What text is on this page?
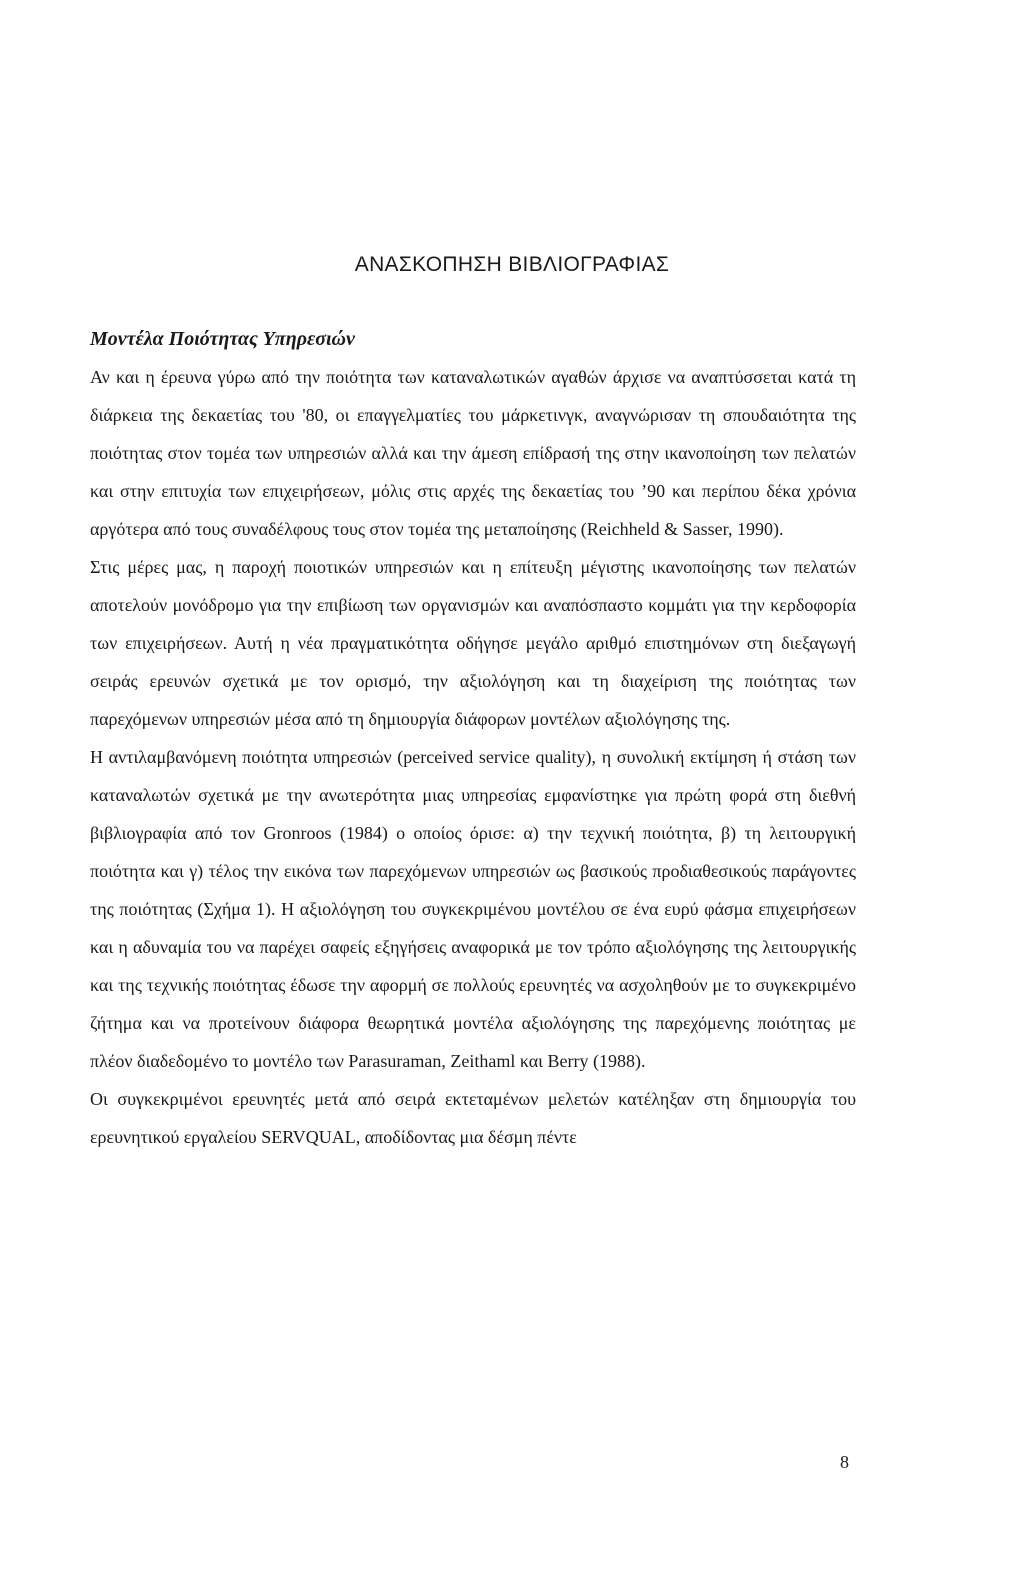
ΑΝΑΣΚΟΠΗΣΗ ΒΙΒΛΙΟΓΡΑΦΙΑΣ
Μοντέλα Ποιότητας Υπηρεσιών

Αν και η έρευνα γύρω από την ποιότητα των καταναλωτικών αγαθών άρχισε να αναπτύσσεται κατά τη διάρκεια της δεκαετίας του '80, οι επαγγελματίες του μάρκετινγκ, αναγνώρισαν τη σπουδαιότητα της ποιότητας στον τομέα των υπηρεσιών αλλά και την άμεση επίδρασή της στην ικανοποίηση των πελατών και στην επιτυχία των επιχειρήσεων, μόλις στις αρχές της δεκαετίας του ’90 και περίπου δέκα χρόνια αργότερα από τους συναδέλφους τους στον τομέα της μεταποίησης (Reichheld & Sasser, 1990).

Στις μέρες μας, η παροχή ποιοτικών υπηρεσιών και η επίτευξη μέγιστης ικανοποίησης των πελατών αποτελούν μονόδρομο για την επιβίωση των οργανισμών και αναπόσπαστο κομμάτι για την κερδοφορία των επιχειρήσεων. Αυτή η νέα πραγματικότητα οδήγησε μεγάλο αριθμό επιστημόνων στη διεξαγωγή σειράς ερευνών σχετικά με τον ορισμό, την αξιολόγηση και τη διαχείριση της ποιότητας των παρεχόμενων υπηρεσιών μέσα από τη δημιουργία διάφορων μοντέλων αξιολόγησης της.

Η αντιλαμβανόμενη ποιότητα υπηρεσιών (perceived service quality), η συνολική εκτίμηση ή στάση των καταναλωτών σχετικά με την ανωτερότητα μιας υπηρεσίας εμφανίστηκε για πρώτη φορά στη διεθνή βιβλιογραφία από τον Gronroos (1984) ο οποίος όρισε: α) την τεχνική ποιότητα, β) τη λειτουργική ποιότητα και γ) τέλος την εικόνα των παρεχόμενων υπηρεσιών ως βασικούς προδιαθεσικούς παράγοντες της ποιότητας (Σχήμα 1). Η αξιολόγηση του συγκεκριμένου μοντέλου σε ένα ευρύ φάσμα επιχειρήσεων και η αδυναμία του να παρέχει σαφείς εξηγήσεις αναφορικά με τον τρόπο αξιολόγησης της λειτουργικής και της τεχνικής ποιότητας έδωσε την αφορμή σε πολλούς ερευνητές να ασχοληθούν με το συγκεκριμένο ζήτημα και να προτείνουν διάφορα θεωρητικά μοντέλα αξιολόγησης της παρεχόμενης ποιότητας με πλέον διαδεδομένο το μοντέλο των Parasuraman, Zeithaml και Berry (1988).

Οι συγκεκριμένοι ερευνητές μετά από σειρά εκτεταμένων μελετών κατέληξαν στη δημιουργία του ερευνητικού εργαλείου SERVQUAL, αποδίδοντας μια δέσμη πέντε

8
